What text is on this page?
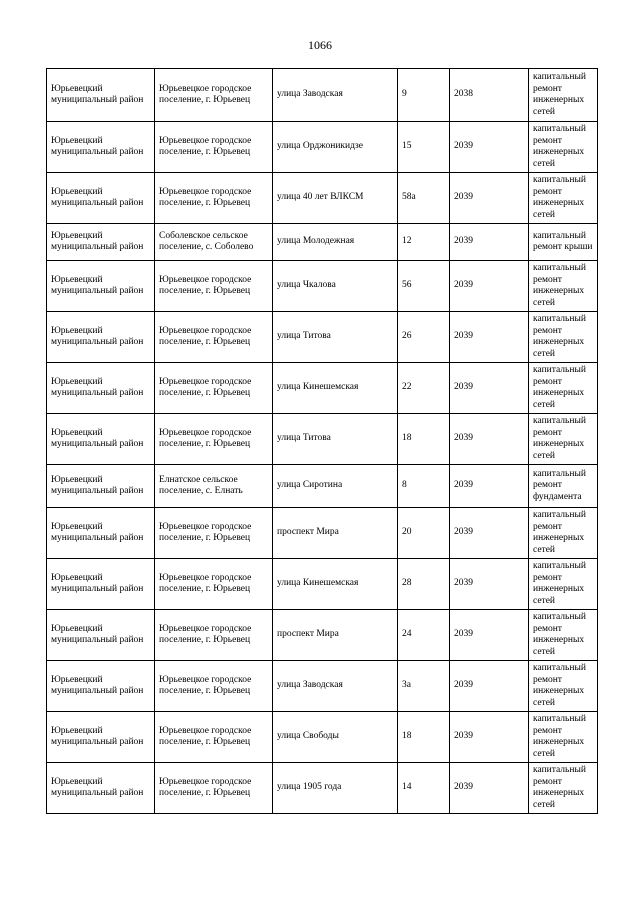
1066
Юрьевецкий муниципальный район	Юрьевецкое городское поселение, г. Юрьевец	улица Заводская	9	2038	капитальный ремонт инженерных сетей
Юрьевецкий муниципальный район	Юрьевецкое городское поселение, г. Юрьевец	улица Орджоникидзе	15	2039	капитальный ремонт инженерных сетей
Юрьевецкий муниципальный район	Юрьевецкое городское поселение, г. Юрьевец	улица 40 лет ВЛКСМ	58а	2039	капитальный ремонт инженерных сетей
Юрьевецкий муниципальный район	Соболевское сельское поселение, с. Соболево	улица Молодежная	12	2039	капитальный ремонт крыши
Юрьевецкий муниципальный район	Юрьевецкое городское поселение, г. Юрьевец	улица Чкалова	56	2039	капитальный ремонт инженерных сетей
Юрьевецкий муниципальный район	Юрьевецкое городское поселение, г. Юрьевец	улица Титова	26	2039	капитальный ремонт инженерных сетей
Юрьевецкий муниципальный район	Юрьевецкое городское поселение, г. Юрьевец	улица Кинешемская	22	2039	капитальный ремонт инженерных сетей
Юрьевецкий муниципальный район	Юрьевецкое городское поселение, г. Юрьевец	улица Титова	18	2039	капитальный ремонт инженерных сетей
Юрьевецкий муниципальный район	Елнатское сельское поселение, с. Елнать	улица Сиротина	8	2039	капитальный ремонт фундамента
Юрьевецкий муниципальный район	Юрьевецкое городское поселение, г. Юрьевец	проспект Мира	20	2039	капитальный ремонт инженерных сетей
Юрьевецкий муниципальный район	Юрьевецкое городское поселение, г. Юрьевец	улица Кинешемская	28	2039	капитальный ремонт инженерных сетей
Юрьевецкий муниципальный район	Юрьевецкое городское поселение, г. Юрьевец	проспект Мира	24	2039	капитальный ремонт инженерных сетей
Юрьевецкий муниципальный район	Юрьевецкое городское поселение, г. Юрьевец	улица Заводская	3а	2039	капитальный ремонт инженерных сетей
Юрьевецкий муниципальный район	Юрьевецкое городское поселение, г. Юрьевец	улица Свободы	18	2039	капитальный ремонт инженерных сетей
Юрьевецкий муниципальный район	Юрьевецкое городское поселение, г. Юрьевец	улица 1905 года	14	2039	капитальный ремонт инженерных сетей
